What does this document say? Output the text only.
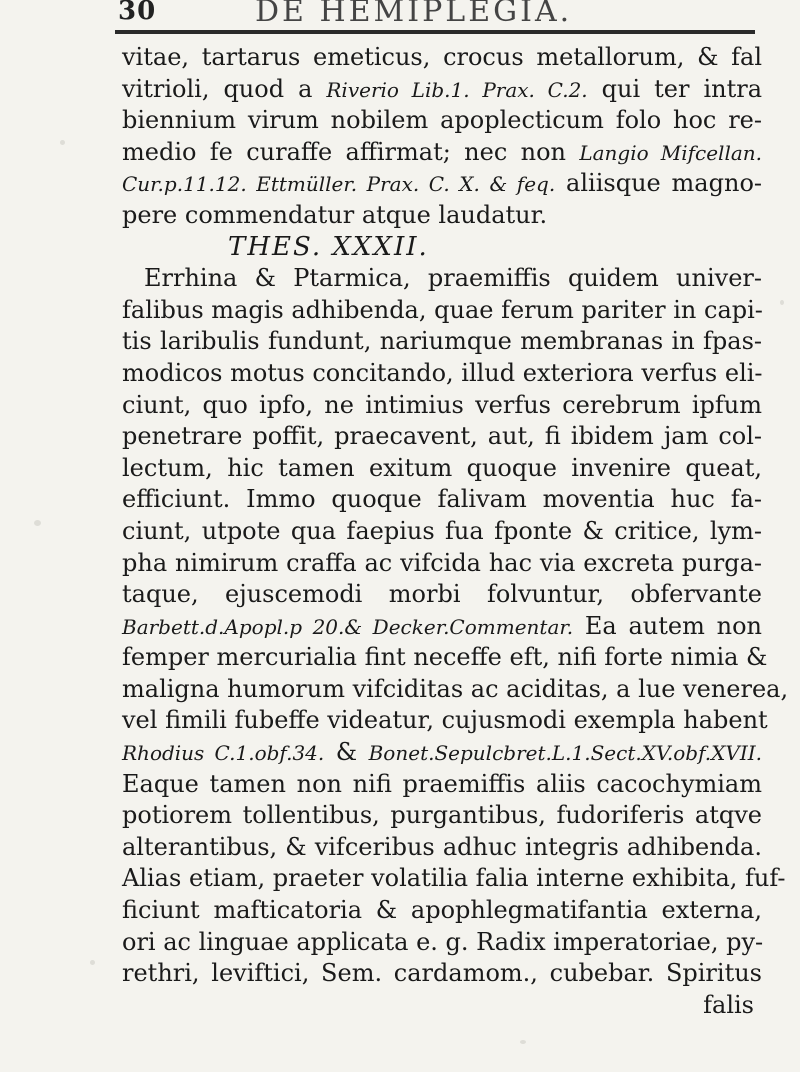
30	DE HEMIPLEGIA.
vitae, tartarus emeticus, crocus metallorum, & fal
vitrioli, quod a Riverio Lib.1. Prax. C.2. qui ter intra
biennium virum nobilem apoplecticum folo hoc re-
medio fe curaffe affirmat; nec non Langio Mifcellan.
Cur.p.11.12. Ettmüller. Prax. C. X. & feq. aliisque magno-
pere commendatur atque laudatur.
THES. XXXII.
Errhina & Ptarmica, praemiffis quidem univer-
falibus magis adhibenda, quae ferum pariter in capi-
tis laribulis fundunt, nariumque membranas in fpas-
modicos motus concitando, illud exteriora verfus eli-
ciunt, quo ipfo, ne intimius verfus cerebrum ipfum
penetrare poffit, praecavent, aut, fi ibidem jam col-
lectum, hic tamen exitum quoque invenire queat,
efficiunt. Immo quoque falivam moventia huc fa-
ciunt, utpote qua faepius fua fponte & critice, lym-
pha nimirum craffa ac vifcida hac via excreta purga-
taque, ejuscemodi morbi folvuntur, obfervante
Barbett.d.Apopl.p 20.& Decker.Commentar. Ea autem non
femper mercurialia fint neceffe eft, nifi forte nimia &
maligna humorum vifciditas ac aciditas, a lue venerea,
vel fimili fubeffe videatur, cujusmodi exempla habent
Rhodius C.1.obf.34. & Bonet.Sepulcbret.L.1.Sect.XV.obf.XVII.
Eaque tamen non nifi praemiffis aliis cacochymiam
potiorem tollentibus, purgantibus, fudoriferis atqve
alterantibus, & vifceribus adhuc integris adhibenda.
Alias etiam, praeter volatilia falia interne exhibita, fuf-
ficiunt mafticatoria & apophlegmatifantia externa,
ori ac linguae applicata e. g. Radix imperatoriae, py-
rethri, leviftici, Sem. cardamom., cubebar. Spiritus
falis
